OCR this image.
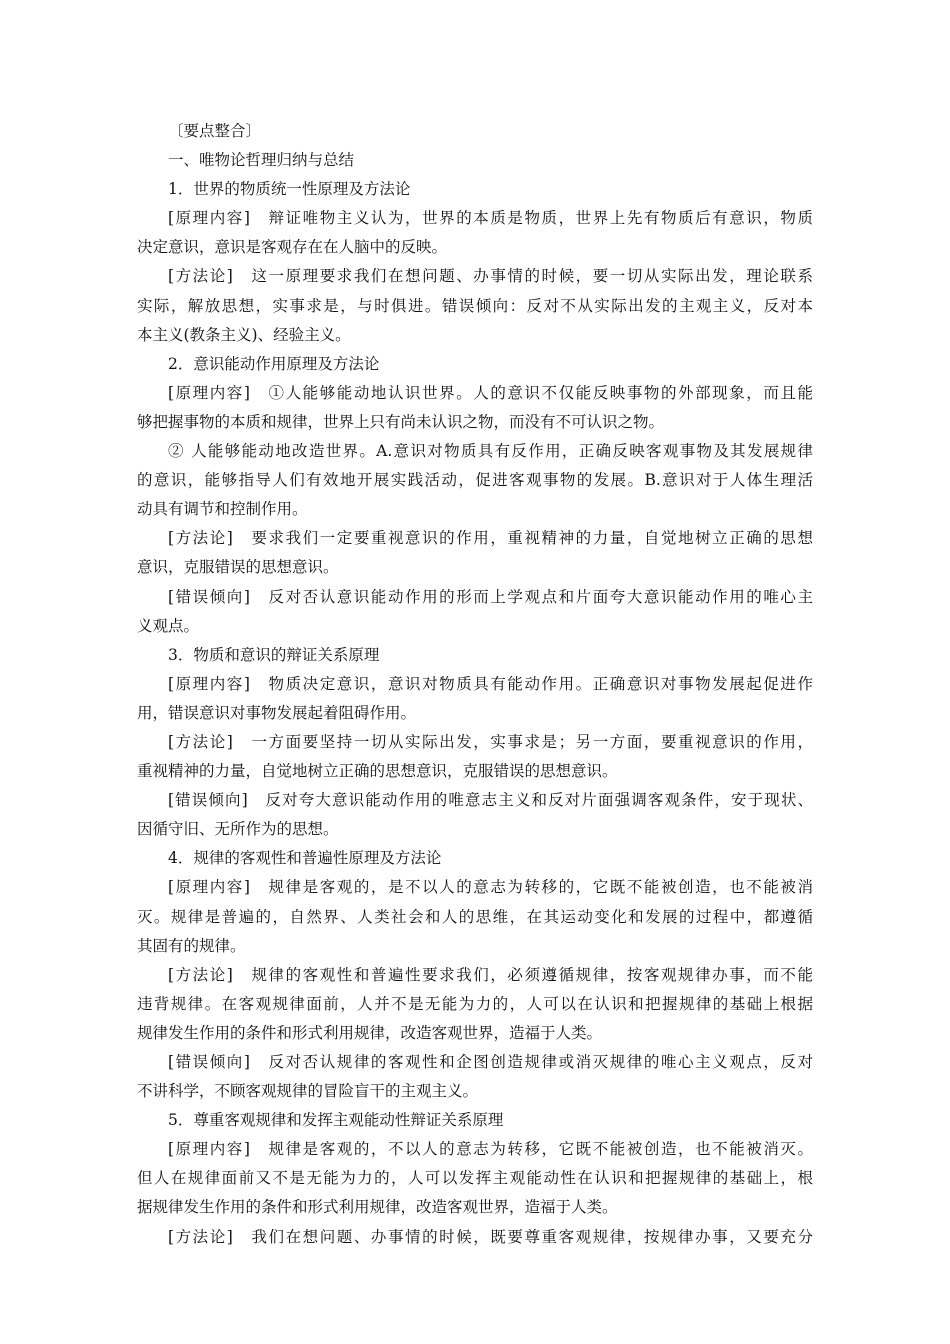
〔要点整合〕
一、唯物论哲理归纳与总结
1．世界的物质统一性原理及方法论
[原理内容]　辩证唯物主义认为，世界的本质是物质，世界上先有物质后有意识，物质
决定意识，意识是客观存在在人脑中的反映。
[方法论]　这一原理要求我们在想问题、办事情的时候，要一切从实际出发，理论联系
实际，解放思想，实事求是，与时俱进。错误倾向：反对不从实际出发的主观主义，反对本
本主义(教条主义)、经验主义。
2．意识能动作用原理及方法论
[原理内容]　①人能够能动地认识世界。人的意识不仅能反映事物的外部现象，而且能
够把握事物的本质和规律，世界上只有尚未认识之物，而没有不可认识之物。
② 人能够能动地改造世界。A.意识对物质具有反作用，正确反映客观事物及其发展规律
的意识，能够指导人们有效地开展实践活动，促进客观事物的发展。B.意识对于人体生理活
动具有调节和控制作用。
[方法论]　要求我们一定要重视意识的作用，重视精神的力量，自觉地树立正确的思想
意识，克服错误的思想意识。
[错误倾向]　反对否认意识能动作用的形而上学观点和片面夸大意识能动作用的唯心主
义观点。
3．物质和意识的辩证关系原理
[原理内容]　物质决定意识，意识对物质具有能动作用。正确意识对事物发展起促进作
用，错误意识对事物发展起着阻碍作用。
[方法论]　一方面要坚持一切从实际出发，实事求是；另一方面，要重视意识的作用，
重视精神的力量，自觉地树立正确的思想意识，克服错误的思想意识。
[错误倾向]　反对夸大意识能动作用的唯意志主义和反对片面强调客观条件，安于现状、
因循守旧、无所作为的思想。
4．规律的客观性和普遍性原理及方法论
[原理内容]　规律是客观的，是不以人的意志为转移的，它既不能被创造，也不能被消
灭。规律是普遍的，自然界、人类社会和人的思维，在其运动变化和发展的过程中，都遵循
其固有的规律。
[方法论]　规律的客观性和普遍性要求我们，必须遵循规律，按客观规律办事，而不能
违背规律。在客观规律面前，人并不是无能为力的，人可以在认识和把握规律的基础上根据
规律发生作用的条件和形式利用规律，改造客观世界，造福于人类。
[错误倾向]　反对否认规律的客观性和企图创造规律或消灭规律的唯心主义观点，反对
不讲科学，不顾客观规律的冒险盲干的主观主义。
5．尊重客观规律和发挥主观能动性辩证关系原理
[原理内容]　规律是客观的，不以人的意志为转移，它既不能被创造，也不能被消灭。
但人在规律面前又不是无能为力的，人可以发挥主观能动性在认识和把握规律的基础上，根
据规律发生作用的条件和形式利用规律，改造客观世界，造福于人类。
[方法论]　我们在想问题、办事情的时候，既要尊重客观规律，按规律办事，又要充分
